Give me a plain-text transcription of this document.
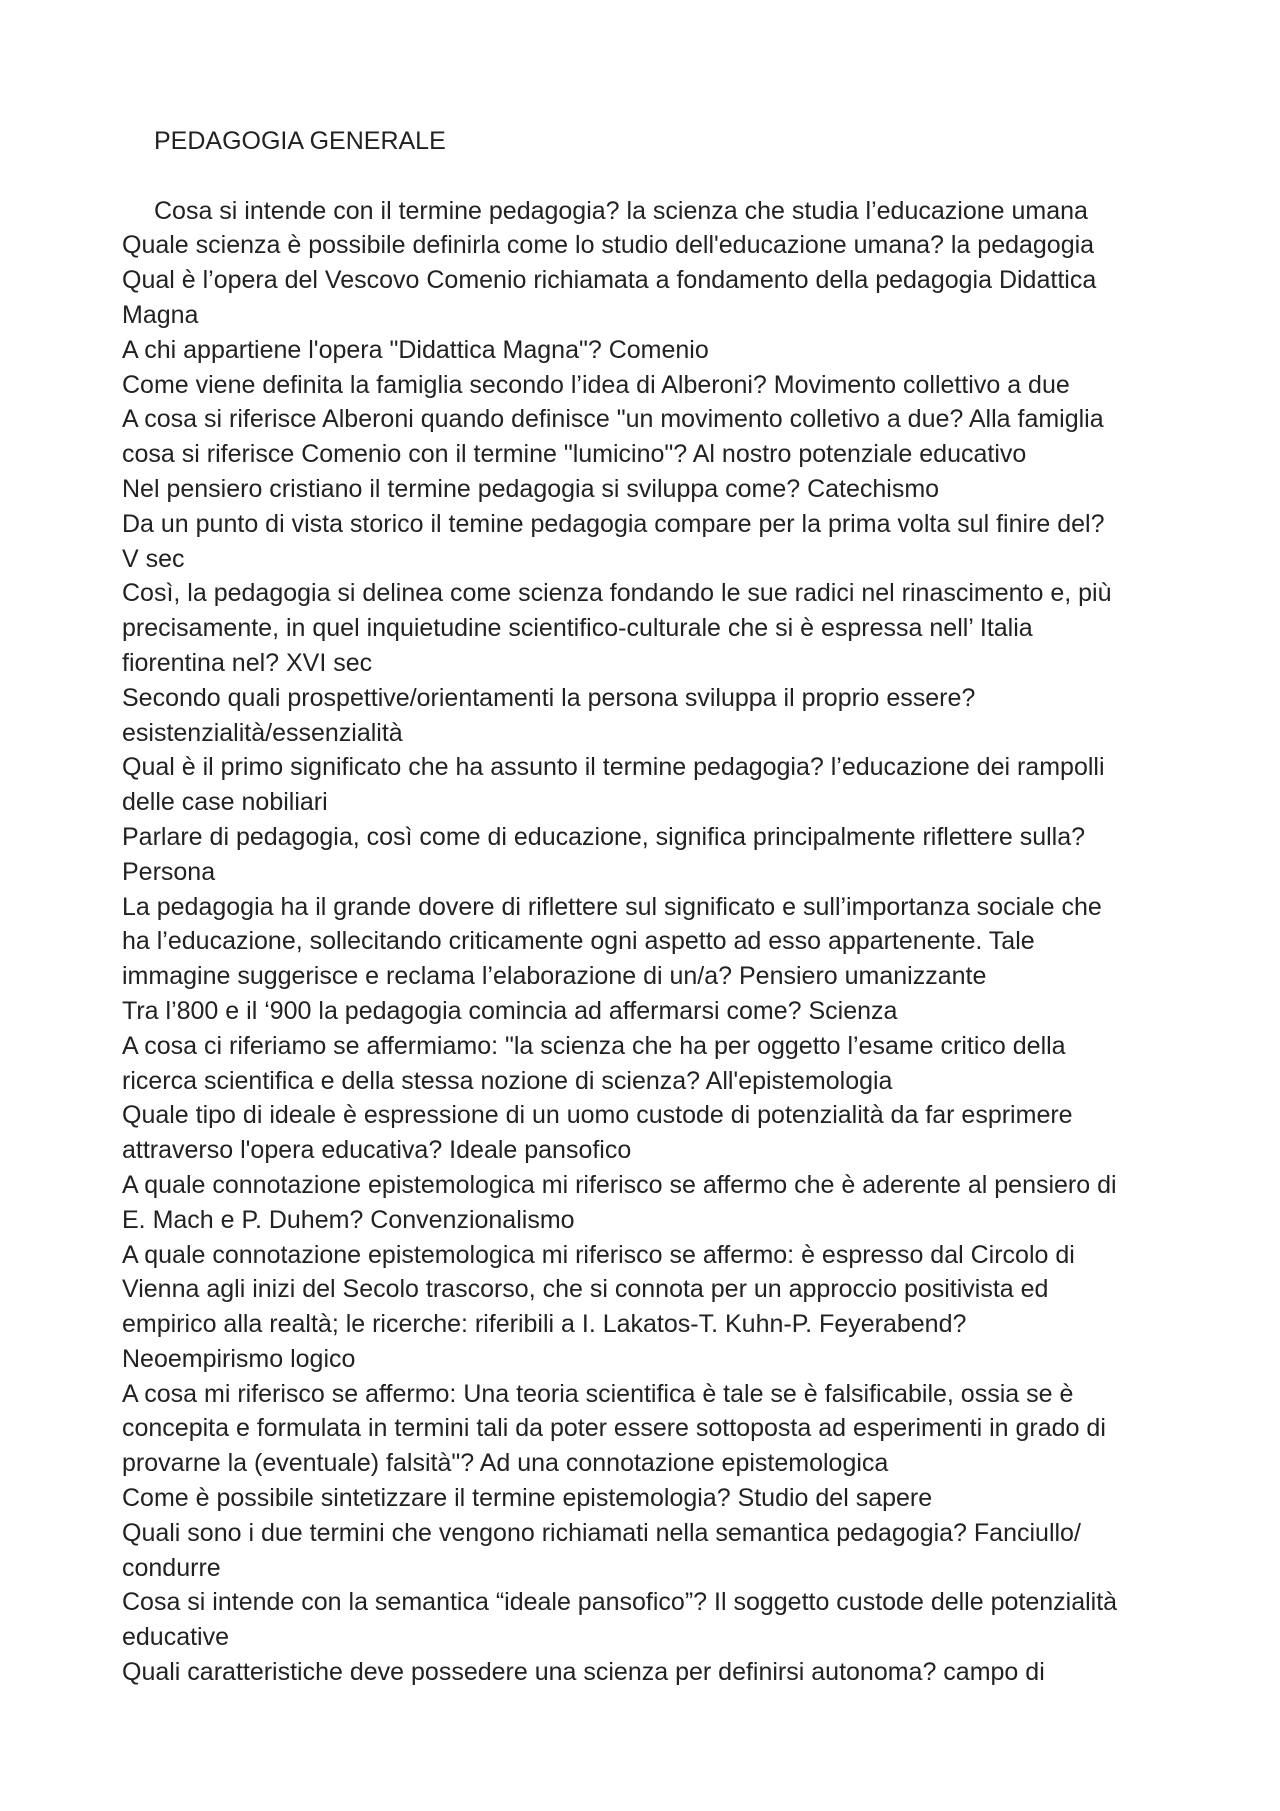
PEDAGOGIA GENERALE

Cosa si intende con il termine pedagogia? la scienza che studia l’educazione umana

Quale scienza è possibile definirla come lo studio dell'educazione umana? la pedagogia

Qual è l’opera del Vescovo Comenio richiamata a fondamento della pedagogia Didattica

Magna

A chi appartiene l'opera "Didattica Magna"? Comenio

Come viene definita la famiglia secondo l’idea di Alberoni? Movimento collettivo a due

A cosa si riferisce Alberoni quando definisce "un movimento colletivo a due? Alla famiglia

cosa si riferisce Comenio con il termine "lumicino"? Al nostro potenziale educativo

Nel pensiero cristiano il termine pedagogia si sviluppa come? Catechismo

Da un punto di vista storico il temine pedagogia compare per la prima volta sul finire del?

V sec

Così, la pedagogia si delinea come scienza fondando le sue radici nel rinascimento e, più

precisamente, in quel inquietudine scientifico-culturale che si è espressa nell’ Italia

fiorentina nel? XVI sec

Secondo quali prospettive/orientamenti la persona sviluppa il proprio essere?

esistenzialità/essenzialità

Qual è il primo significato che ha assunto il termine pedagogia? l’educazione dei rampolli

delle case nobiliari

Parlare di pedagogia, così come di educazione, significa principalmente riflettere sulla?

Persona

La pedagogia ha il grande dovere di riflettere sul significato e sull’importanza sociale che

ha l’educazione, sollecitando criticamente ogni aspetto ad esso appartenente. Tale

immagine suggerisce e reclama l’elaborazione di un/a? Pensiero umanizzante

Tra l’800 e il ‘900 la pedagogia comincia ad affermarsi come? Scienza

A cosa ci riferiamo se affermiamo: "la scienza che ha per oggetto l’esame critico della

ricerca scientifica e della stessa nozione di scienza? All'epistemologia

Quale tipo di ideale è espressione di un uomo custode di potenzialità da far esprimere

attraverso l'opera educativa? Ideale pansofico

A quale connotazione epistemologica mi riferisco se affermo che è aderente al pensiero di

E. Mach e P. Duhem? Convenzionalismo

A quale connotazione epistemologica mi riferisco se affermo: è espresso dal Circolo di

Vienna agli inizi del Secolo trascorso, che si connota per un approccio positivista ed

empirico alla realtà; le ricerche: riferibili a I. Lakatos-T. Kuhn-P. Feyerabend?

Neoempirismo logico

A cosa mi riferisco se affermo: Una teoria scientifica è tale se è falsificabile, ossia se è

concepita e formulata in termini tali da poter essere sottoposta ad esperimenti in grado di

provarne la (eventuale) falsità"? Ad una connotazione epistemologica

Come è possibile sintetizzare il termine epistemologia? Studio del sapere

Quali sono i due termini che vengono richiamati nella semantica pedagogia? Fanciullo/

condurre

Cosa si intende con la semantica “ideale pansofico”? Il soggetto custode delle potenzialità

educative

Quali caratteristiche deve possedere una scienza per definirsi autonoma? campo di
